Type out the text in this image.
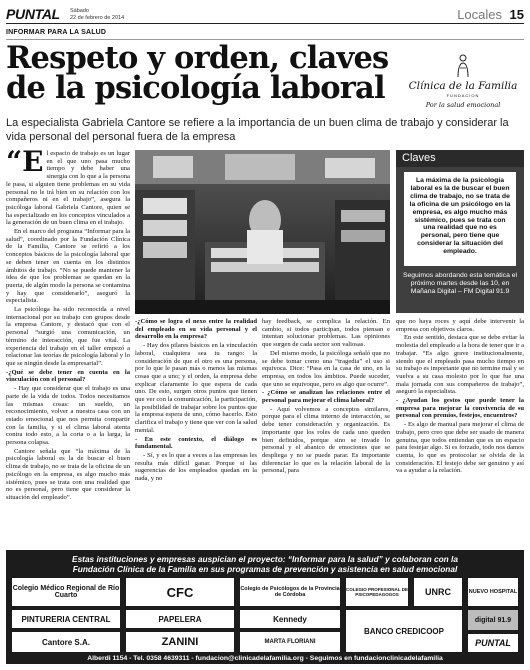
PUNTAL Sábado
22 de febrero de 2014	Locales 15
INFORMAR PARA LA SALUD
Respeto y orden, claves de la psicología laboral	Clínica de la Familia
FUNDACION
Por la salud emocional

La especialista Gabriela Cantore se refiere a la importancia de un buen clima de trabajo y considerar la vida personal del personal fuera de la empresa

“El espacio de trabajo es un lugar en el que uno pasa mucho tiempo y debe haber una sinergia con lo que a la persona le pasa, si alguien tiene problemas en su vida personal no le irá bien en su relación con los compañeros ni en el trabajo”, asegura la psicóloga laboral Gabriela Cantore, quien se ha especializado en los conceptos vinculados a la generación de un buen clima en el trabajo.

En el marco del programa “Informar para la salud”, coordinado por la Fundación Clínica de la Familia, Cantore se refirió a los conceptos básicos de la psicología laboral que se deben tener en cuenta en los distintos ámbitos de trabajo. “No se puede mantener la idea de que los problemas se quedan en la puerta, de algún modo la persona se contamina y hay que considerarlo”, aseguró la especialista.

La psicóloga ha sido reconocida a nivel internacional por su trabajo con grupos desde la empresa Cantore, y destacó que con el personal “surgió una comunicación, un término de interacción, que fue vital. La experiencia del trabajo en el taller empezó a relacionar las teorías de psicología laboral y lo que se ningún desde la empresarial”.

-¿Qué se debe tener en cuenta en la vinculación con el personal?

- Hay que considerar que el trabajo es una parte de la vida de todos. Todos necesitamos las mismas cosas: un sueldo, un reconocimiento, volver a nuestra casa con un estado emocional que nos permita compartir con la familia, y si el clima laboral atenta contra todo esto, a la corta o a la larga, la persona colapsa.

Cantore señala que “la máxima de la psicología laboral es la de buscar el buen clima de trabajo, no se trata de la oficina de un psicólogo en la empresa, es algo mucho más sistémico, pues se trata con una realidad que no es personal, pero tiene que considerar la situación del empleado”.

-¿Cómo se logra el nexo entre la realidad del empleado en su vida personal y el desarrollo en la empresa?

- Hay dos pilares básicos en la vinculación laboral, cualquiera sea tu rango: la consideración de que el otro es una persona, por lo que le pasan más o menos las mismas cosas que a uno; y el orden, la empresa debe explicar claramente lo que espera de cada uno. De esto, surgen otros puntos que tienen que ver con la comunicación, la participación, la posibilidad de trabajar sobre los puntos que la empresa espera de uno, cómo hacerlo. Esto clarifica el trabajo y tiene que ver con la salud mental.

- En este contexto, el diálogo es fundamental.

- Sí, y es lo que a veces a las empresas les resulta más difícil ganar. Porque si las sugerencias de los empleados quedan en la nada, y no

hay feedback, se complica la relación. En cambio, si todos participan, todos piensan e intentan solucionar problemas. Las opiniones que surgen de cada sector son valiosas.

Del mismo modo, la psicóloga señaló que no se debe tomar como una “tragedia” el uso si equivoca. Dice: “Pasa en la casa de uno, en la empresa, en todos los ámbitos. Puede suceder, que uno se equivoque, pero es algo que ocurre”.

- ¿Cómo se analizan las relaciones entre el personal para mejorar el clima laboral?

- Aquí volvemos a conceptos similares, porque para el clima interno de interacción, se debe tener consideración y organización. Es importante que los roles de cada uno queden bien definidos, porque sino se invade lo personal y el abanico de emociones que se despliega y no se puede parar. Es importante diferenciar lo que es la relación laboral de la personal, para

que no haya roces y aquí debe intervenir la empresa con objetivos claros.

En este sentido, destaca que se debe evitar la molestia del empleado a la hora de tener que ir a trabajar. “Es algo grave institucionalmente, siendo que el empleado pasa mucho tiempo en su trabajo es importante que no termine mal y se vuelva a su casa molesto por lo que fue una mala jornada con sus compañeros de trabajo”, aseguró la especialista.

- ¿Ayudan los gestos que puede tener la empresa para mejorar la convivencia de su personal con premios, festejos, encuentros?

- Es algo de manual para mejorar el clima de trabajo, pero creo que debe ser usado de manera genuina, que todos entiendan que es un espacio para festejar algo. Si es forzado, todo nos damos cuenta, lo que es protocolar se olvida de la consideración. El festejo debe ser genuino y así va a ayudar a la relación.

Claves
La máxima de la psicología laboral es la de buscar el buen clima de trabajo, no se trata de la oficina de un psicólogo en la empresa, es algo mucho más sistémico, pues se trata con una realidad que no es personal, pero tiene que considerar la situación del empleado.
Seguimos abordando esta temática el próximo martes desde las 10, en Mañana Digital – FM Digital 91.9
Estas instituciones y empresas auspician el proyecto: “Informar para la salud” y colaboran con la
Fundación Clínica de la Familia en sus programas de prevención y asistencia en salud emocional
Colegio Médico Regional de Río Cuarto	CFC	Colegio de Psicólogos de la Provincia de Córdoba
COLEGIO PROFESIONAL DE PSICOPEDAGOGOS	UNRC	NUEVO HOSPITAL
PINTURERIA CENTRAL	PAPELERA	Kennedy
Cantore S.A.	ZANINI	MARTA FLORIANI
BANCO CREDICOOP
digital 91.9
PUNTAL
Alberdi 1154 - Tel. 0358 4639311 - fundacion@clinicadelafamilia.org - Seguimos en fundacionclinicadelafamilia
